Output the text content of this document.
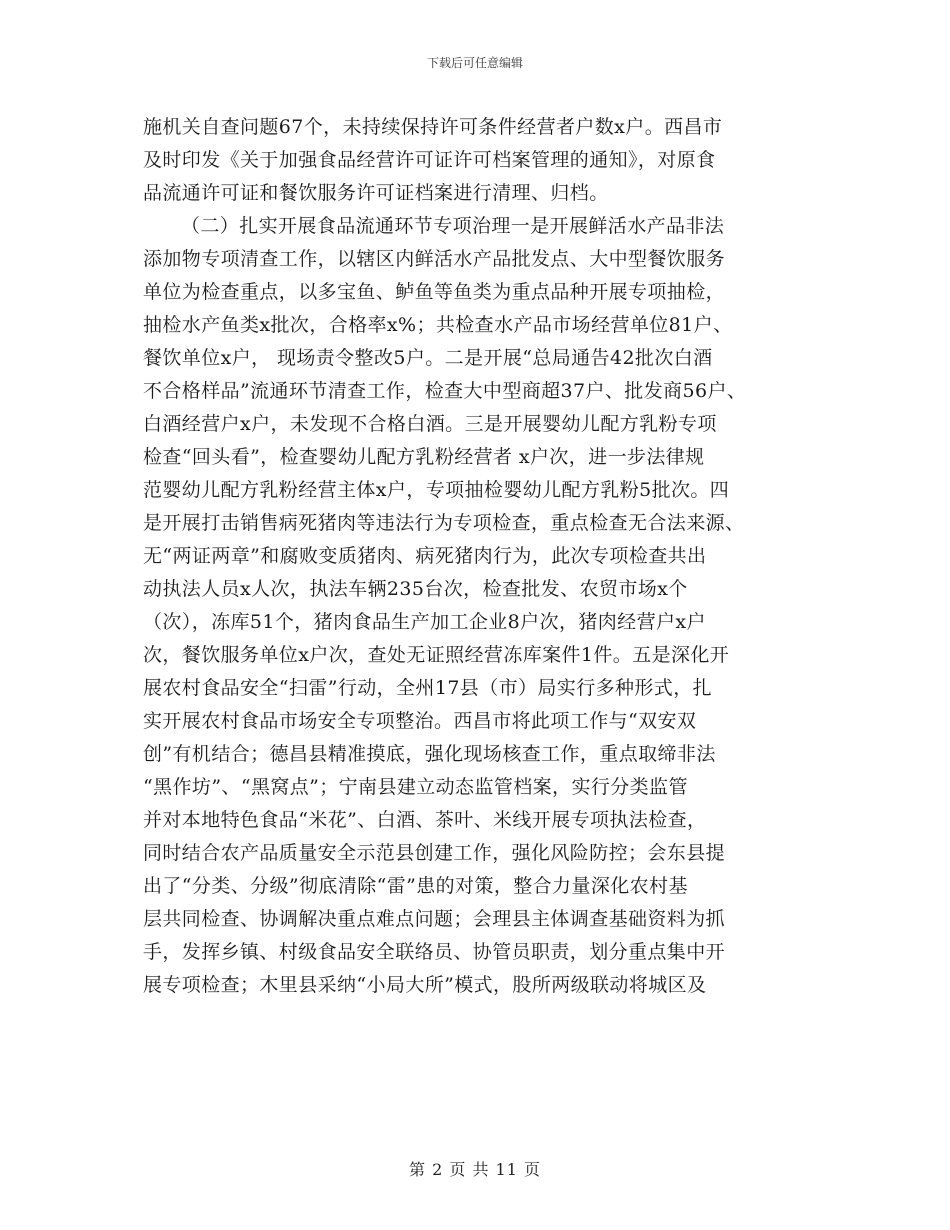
下载后可任意编辑
施机关自查问题67个，未持续保持许可条件经营者户数x户。西昌市
及时印发《关于加强食品经营许可证许可档案管理的通知》，对原食
品流通许可证和餐饮服务许可证档案进行清理、归档。
（二）扎实开展食品流通环节专项治理一是开展鲜活水产品非法
添加物专项清查工作，以辖区内鲜活水产品批发点、大中型餐饮服务
单位为检查重点，以多宝鱼、鲈鱼等鱼类为重点品种开展专项抽检，
抽检水产鱼类x批次，合格率x%；共检查水产品市场经营单位81户、
餐饮单位x户， 现场责令整改5户。二是开展“总局通告42批次白酒
不合格样品”流通环节清查工作，检查大中型商超37户、批发商56户、
白酒经营户x户，未发现不合格白酒。三是开展婴幼儿配方乳粉专项
检查“回头看”，检查婴幼儿配方乳粉经营者 x户次，进一步法律规
范婴幼儿配方乳粉经营主体x户，专项抽检婴幼儿配方乳粉5批次。四
是开展打击销售病死猪肉等违法行为专项检查，重点检查无合法来源、
无“两证两章”和腐败变质猪肉、病死猪肉行为，此次专项检查共出
动执法人员x人次，执法车辆235台次，检查批发、农贸市场x个
（次），冻库51个，猪肉食品生产加工企业8户次，猪肉经营户x户
次，餐饮服务单位x户次，查处无证照经营冻库案件1件。五是深化开
展农村食品安全“扫雷”行动，全州17县（市）局实行多种形式，扎
实开展农村食品市场安全专项整治。西昌市将此项工作与“双安双
创”有机结合；德昌县精准摸底，强化现场核查工作，重点取缔非法
“黑作坊”、“黑窝点”；宁南县建立动态监管档案，实行分类监管
并对本地特色食品“米花”、白酒、茶叶、米线开展专项执法检查，
同时结合农产品质量安全示范县创建工作，强化风险防控；会东县提
出了“分类、分级”彻底清除“雷”患的对策，整合力量深化农村基
层共同检查、协调解决重点难点问题；会理县主体调查基础资料为抓
手，发挥乡镇、村级食品安全联络员、协管员职责，划分重点集中开
展专项检查；木里县采纳“小局大所”模式，股所两级联动将城区及
第 2 页 共 11 页
